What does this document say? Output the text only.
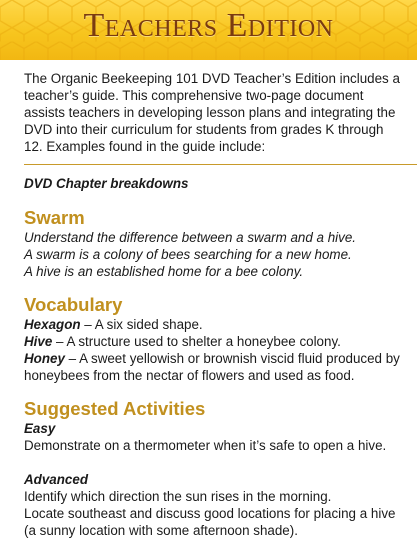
Teachers Edition

The Organic Beekeeping 101 DVD Teacher’s Edition includes a teacher’s guide. This comprehensive two-page document assists teachers in developing lesson plans and integrating the DVD into their curriculum for students from grades K through 12. Examples found in the guide include:

DVD Chapter breakdowns
Swarm
Understand the difference between a swarm and a hive.
A swarm is a colony of bees searching for a new home.
A hive is an established home for a bee colony.
Vocabulary
Hexagon – A six sided shape.
Hive – A structure used to shelter a honeybee colony.
Honey – A sweet yellowish or brownish viscid fluid produced by honeybees from the nectar of flowers and used as food.
Suggested Activities
Easy
Demonstrate on a thermometer when it’s safe to open a hive.
Advanced
Identify which direction the sun rises in the morning.
Locate southeast and discuss good locations for placing a hive (a sunny location with some afternoon shade).
